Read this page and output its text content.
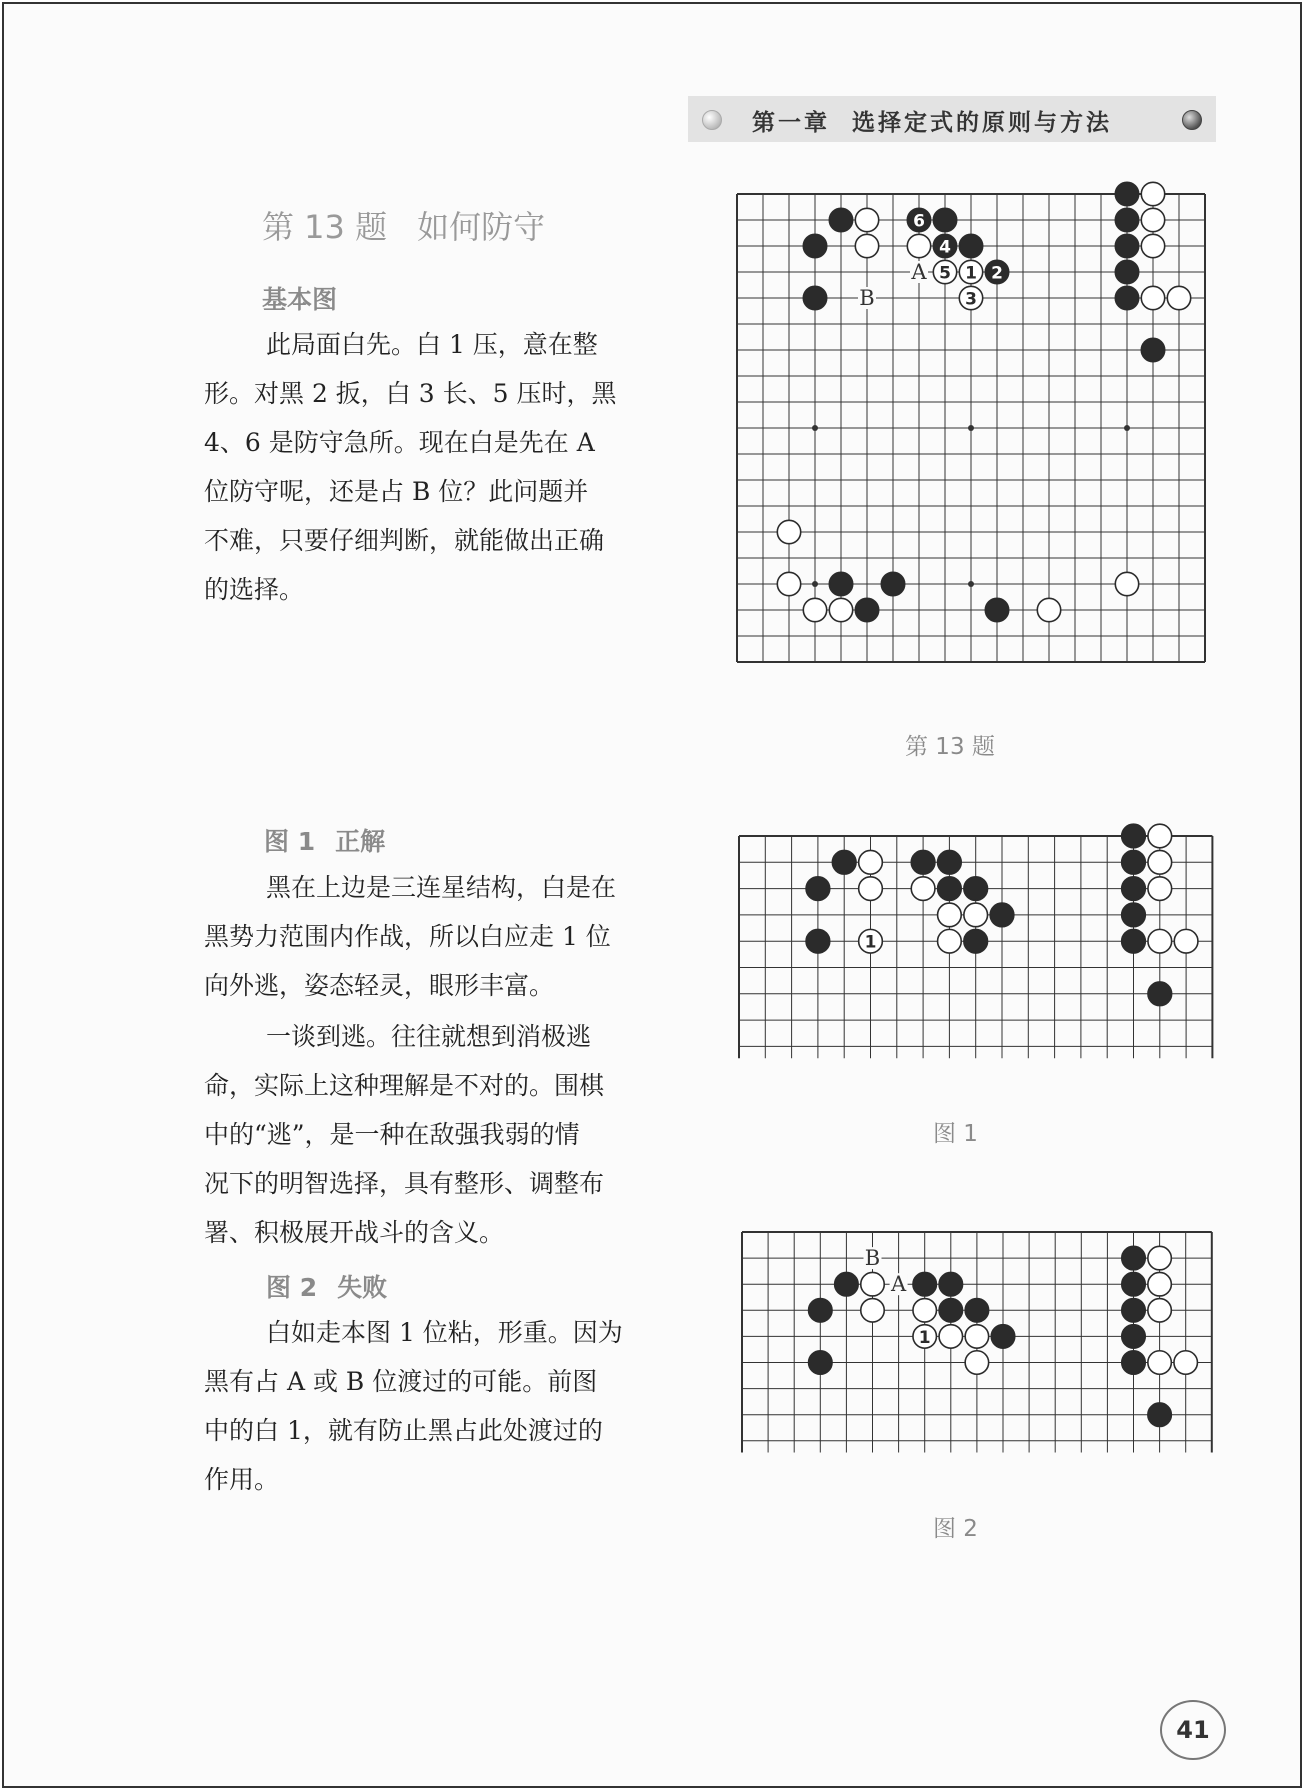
第一章 选择定式的原则与方法
第 13 题 如何防守
基本图
此局面白先。白 1 压，意在整
形。对黑 2 扳，白 3 长、5 压时，黑
4、6 是防守急所。现在白是先在 A
位防守呢，还是占 B 位？此问题并
不难，只要仔细判断，就能做出正确
的选择。
图 1 正解
黑在上边是三连星结构，白是在
黑势力范围内作战，所以白应走 1 位
向外逃，姿态轻灵，眼形丰富。
一谈到逃。往往就想到消极逃
命，实际上这种理解是不对的。围棋
中的“逃”，是一种在敌强我弱的情
况下的明智选择，具有整形、调整布
署、积极展开战斗的含义。
图 2 失败
白如走本图 1 位粘，形重。因为
黑有占 A 或 B 位渡过的可能。前图
中的白 1，就有防止黑占此处渡过的
作用。
A
B
6
4
5 1 2
3
1
B
A
1
第 13 题
图 1
图 2
41
